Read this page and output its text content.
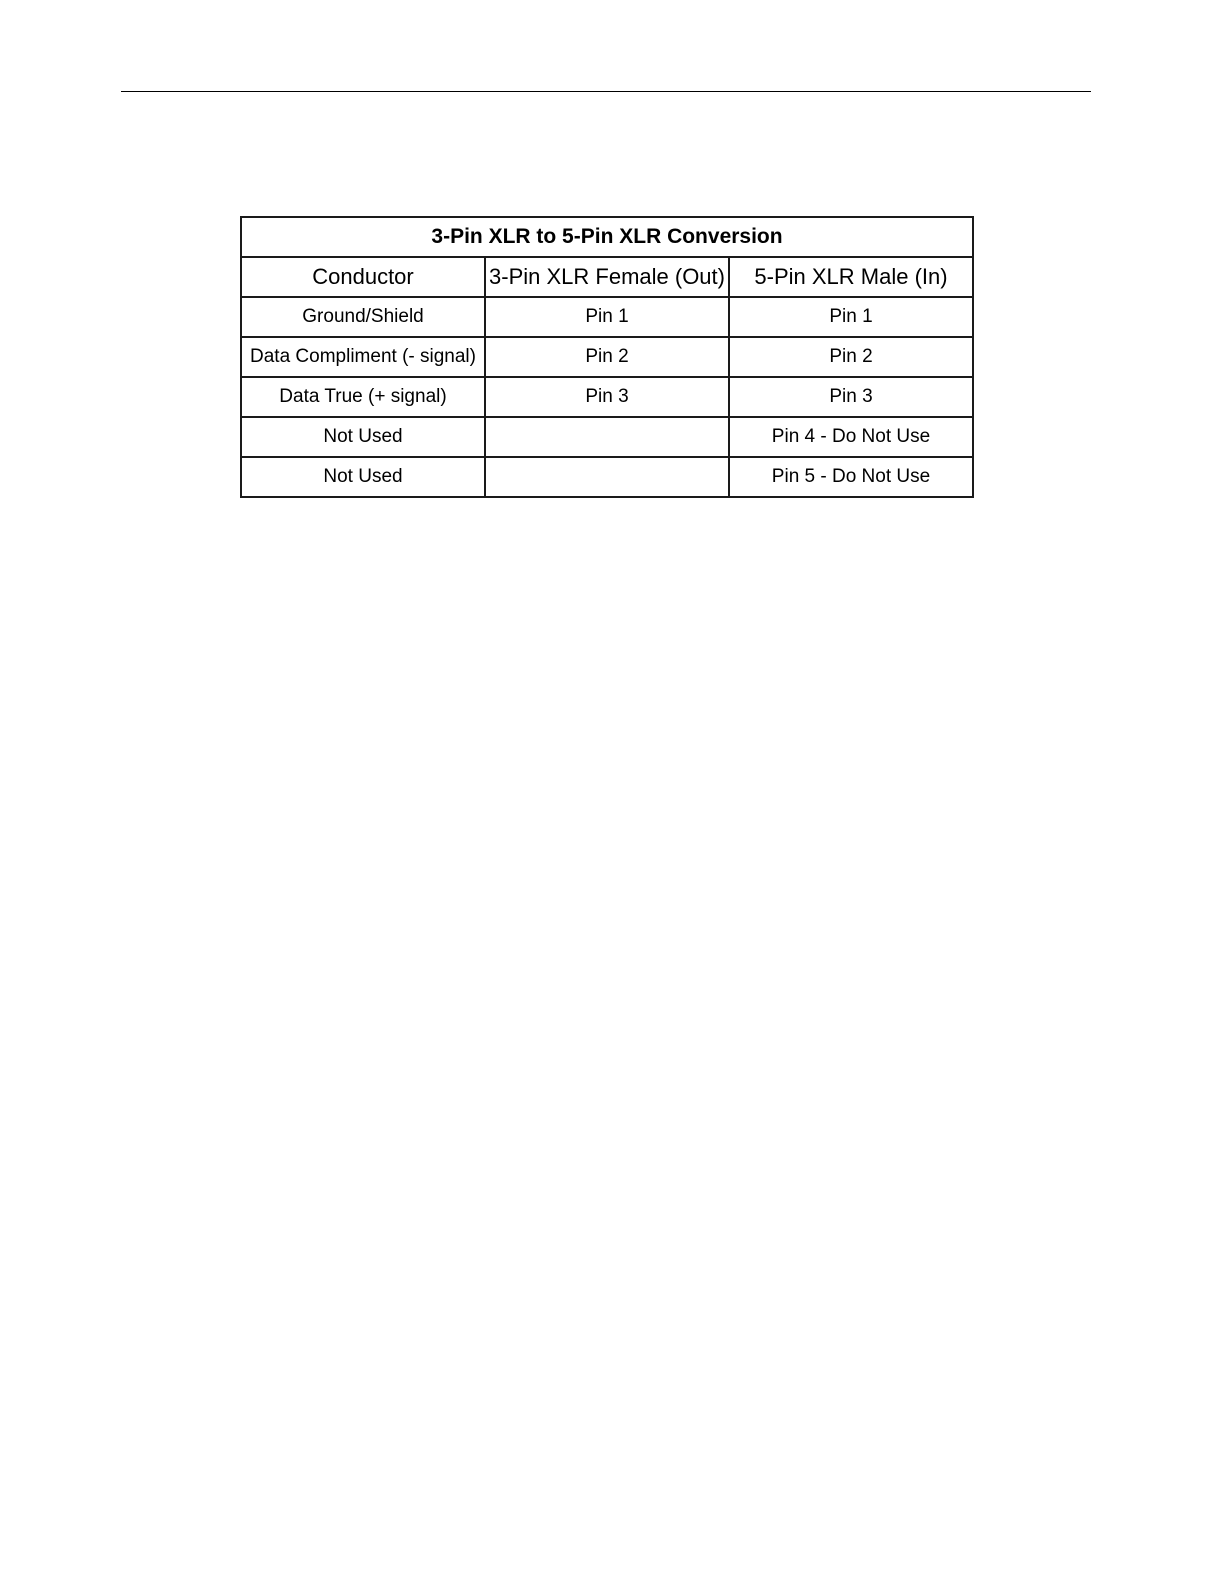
3-Pin XLR to 5-Pin XLR Conversion		
Conductor	3-Pin XLR Female (Out)	5-Pin XLR Male (In)
Ground/Shield	Pin 1	Pin 1
Data Compliment (- signal)	Pin 2	Pin 2
Data True (+ signal)	Pin 3	Pin 3
Not Used		Pin 4 - Do Not Use
Not Used		Pin 5 - Do Not Use
